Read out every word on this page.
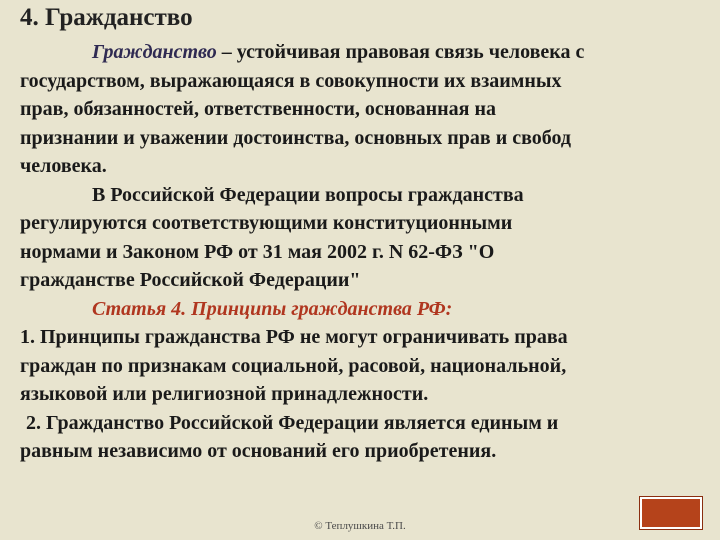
4. Гражданство
Гражданство – устойчивая правовая связь человека с
государством, выражающаяся в совокупности их взаимных
прав, обязанностей, ответственности, основанная на
признании и уважении достоинства, основных прав и свобод
человека.
В Российской Федерации вопросы гражданства
регулируются соответствующими конституционными
нормами и Законом РФ от 31 мая 2002 г. N 62-ФЗ "О
гражданстве Российской Федерации"
Статья 4. Принципы гражданства РФ:
1. Принципы гражданства РФ не могут ограничивать права
граждан по признакам социальной, расовой, национальной,
языковой или религиозной принадлежности.
2. Гражданство Российской Федерации является единым и
равным независимо от оснований его приобретения.
© Теплушкина Т.П.
